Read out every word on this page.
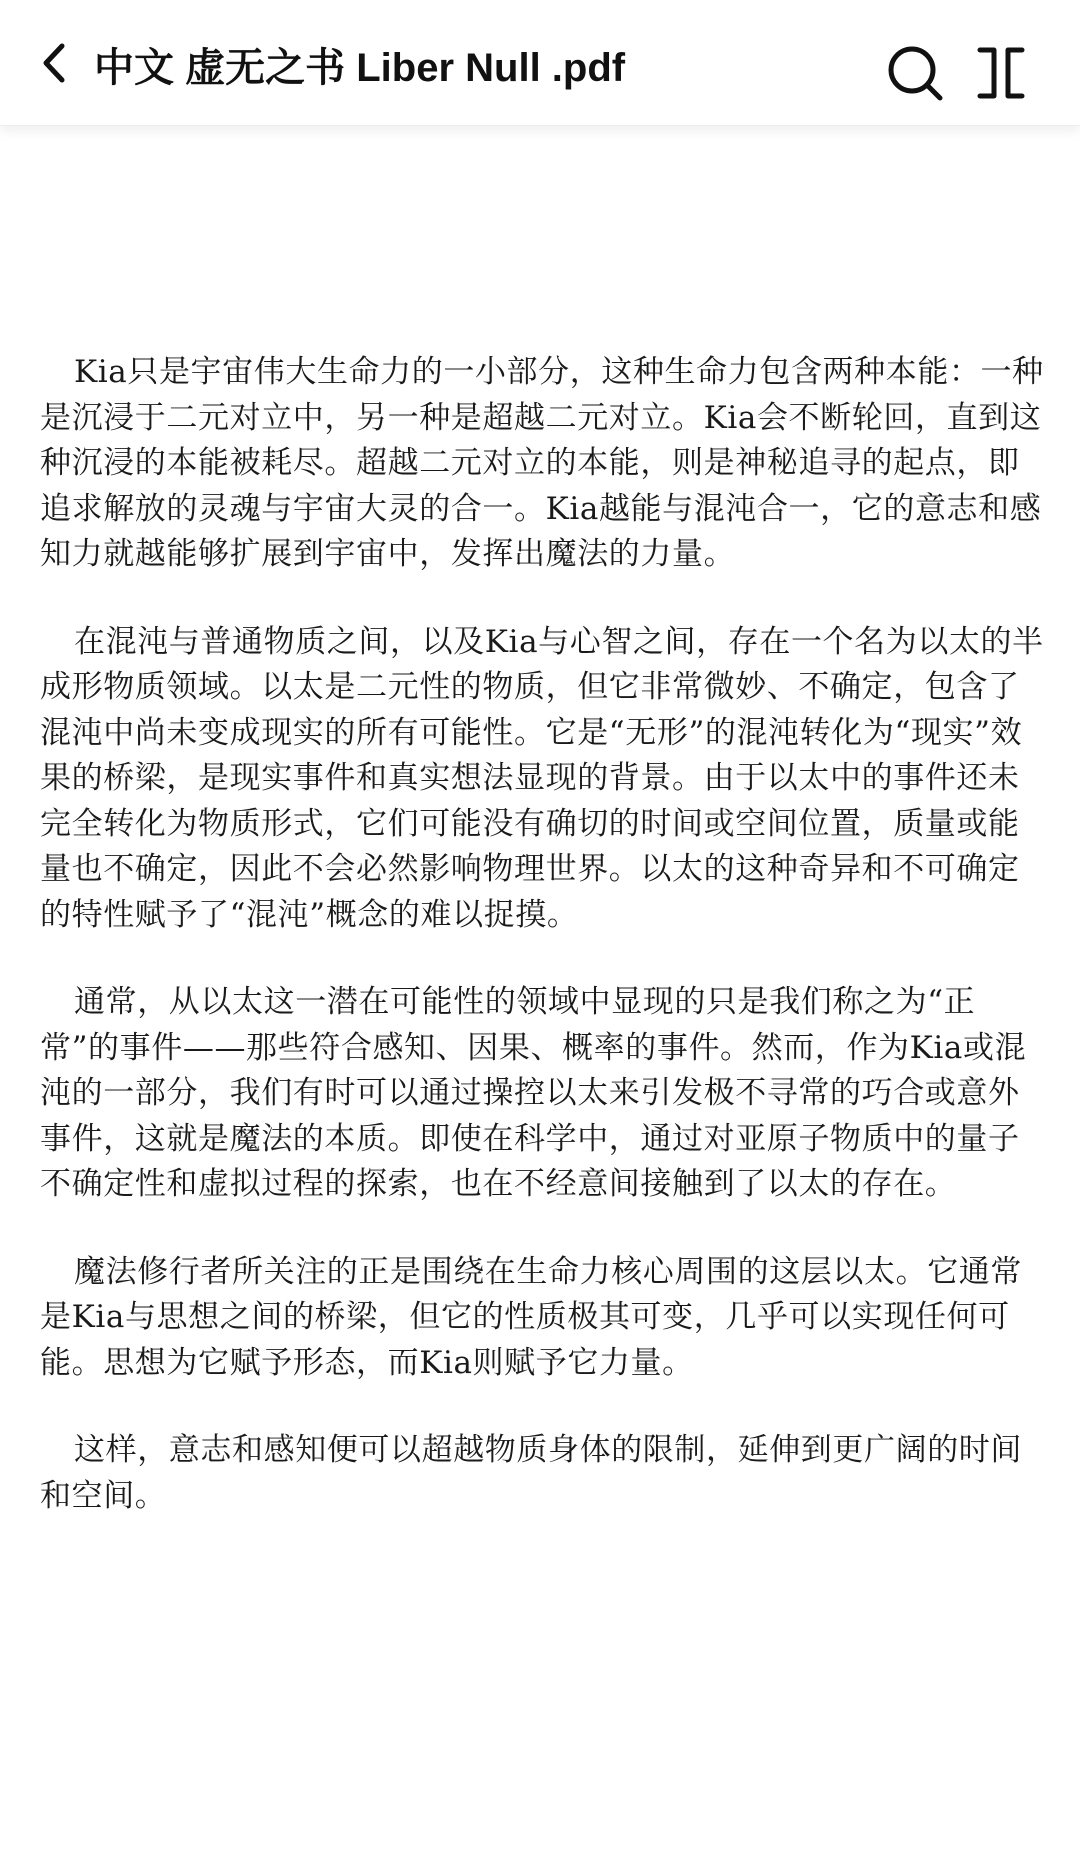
中文 虚无之书 Liber Null .pdf

Kia只是宇宙伟大生命力的一小部分，这种生命力包含两种本能：一种是沉浸于二元对立中，另一种是超越二元对立。Kia会不断轮回，直到这种沉浸的本能被耗尽。超越二元对立的本能，则是神秘追寻的起点，即追求解放的灵魂与宇宙大灵的合一。Kia越能与混沌合一，它的意志和感知力就越能够扩展到宇宙中，发挥出魔法的力量。

在混沌与普通物质之间，以及Kia与心智之间，存在一个名为以太的半成形物质领域。以太是二元性的物质，但它非常微妙、不确定，包含了混沌中尚未变成现实的所有可能性。它是“无形”的混沌转化为“现实”效果的桥梁，是现实事件和真实想法显现的背景。由于以太中的事件还未完全转化为物质形式，它们可能没有确切的时间或空间位置，质量或能量也不确定，因此不会必然影响物理世界。以太的这种奇异和不可确定的特性赋予了“混沌”概念的难以捉摸。

通常，从以太这一潜在可能性的领域中显现的只是我们称之为“正常”的事件——那些符合感知、因果、概率的事件。然而，作为Kia或混沌的一部分，我们有时可以通过操控以太来引发极不寻常的巧合或意外事件，这就是魔法的本质。即使在科学中，通过对亚原子物质中的量子不确定性和虚拟过程的探索，也在不经意间接触到了以太的存在。

魔法修行者所关注的正是围绕在生命力核心周围的这层以太。它通常是Kia与思想之间的桥梁，但它的性质极其可变，几乎可以实现任何可能。思想为它赋予形态，而Kia则赋予它力量。

这样，意志和感知便可以超越物质身体的限制，延伸到更广阔的时间和空间。
